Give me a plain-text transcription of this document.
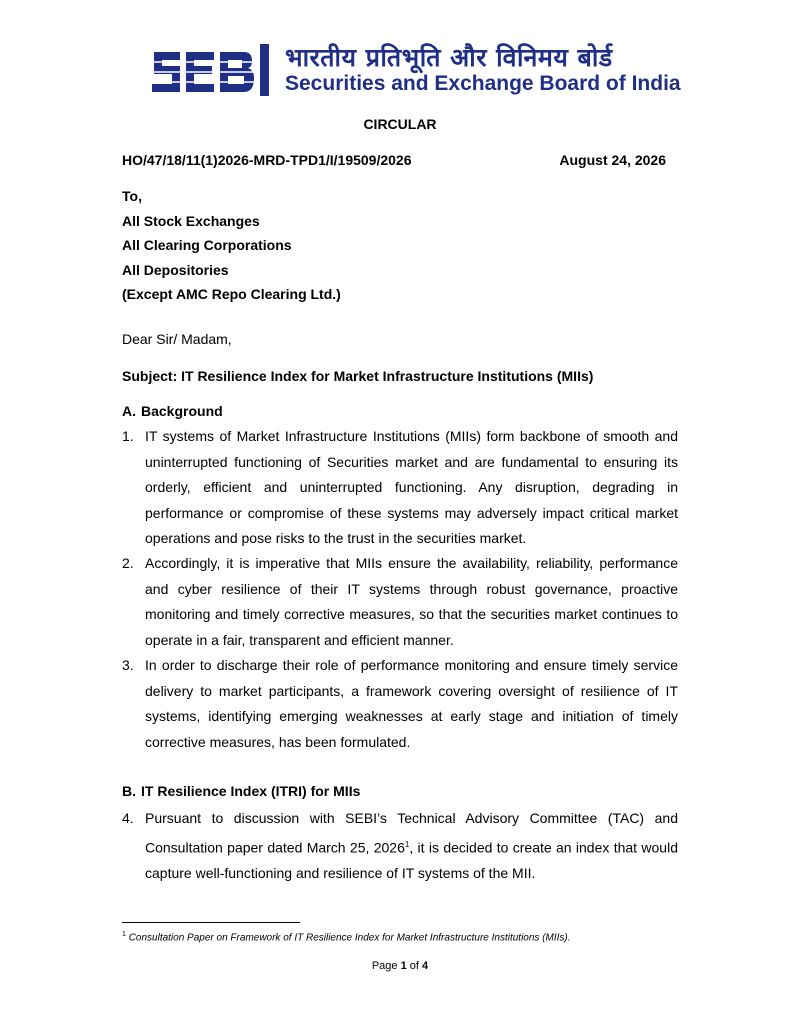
भारतीय प्रतिभूति और विनिमय बोर्ड
Securities and Exchange Board of India
CIRCULAR
HO/47/18/11(1)2026-MRD-TPD1/I/19509/2026	August 24, 2026
To,
All Stock Exchanges
All Clearing Corporations
All Depositories
(Except AMC Repo Clearing Ltd.)
Dear Sir/ Madam,
Subject: IT Resilience Index for Market Infrastructure Institutions (MIIs)
A. Background
1. IT systems of Market Infrastructure Institutions (MIIs) form backbone of smooth and uninterrupted functioning of Securities market and are fundamental to ensuring its orderly, efficient and uninterrupted functioning. Any disruption, degrading in performance or compromise of these systems may adversely impact critical market operations and pose risks to the trust in the securities market.
2. Accordingly, it is imperative that MIIs ensure the availability, reliability, performance and cyber resilience of their IT systems through robust governance, proactive monitoring and timely corrective measures, so that the securities market continues to operate in a fair, transparent and efficient manner.
3. In order to discharge their role of performance monitoring and ensure timely service delivery to market participants, a framework covering oversight of resilience of IT systems, identifying emerging weaknesses at early stage and initiation of timely corrective measures, has been formulated.
B. IT Resilience Index (ITRI) for MIIs
4. Pursuant to discussion with SEBI’s Technical Advisory Committee (TAC) and Consultation paper dated March 25, 2026$^1$, it is decided to create an index that would capture well-functioning and resilience of IT systems of the MII.
$^1$ Consultation Paper on Framework of IT Resilience Index for Market Infrastructure Institutions (MIIs).
Page 1 of 4
